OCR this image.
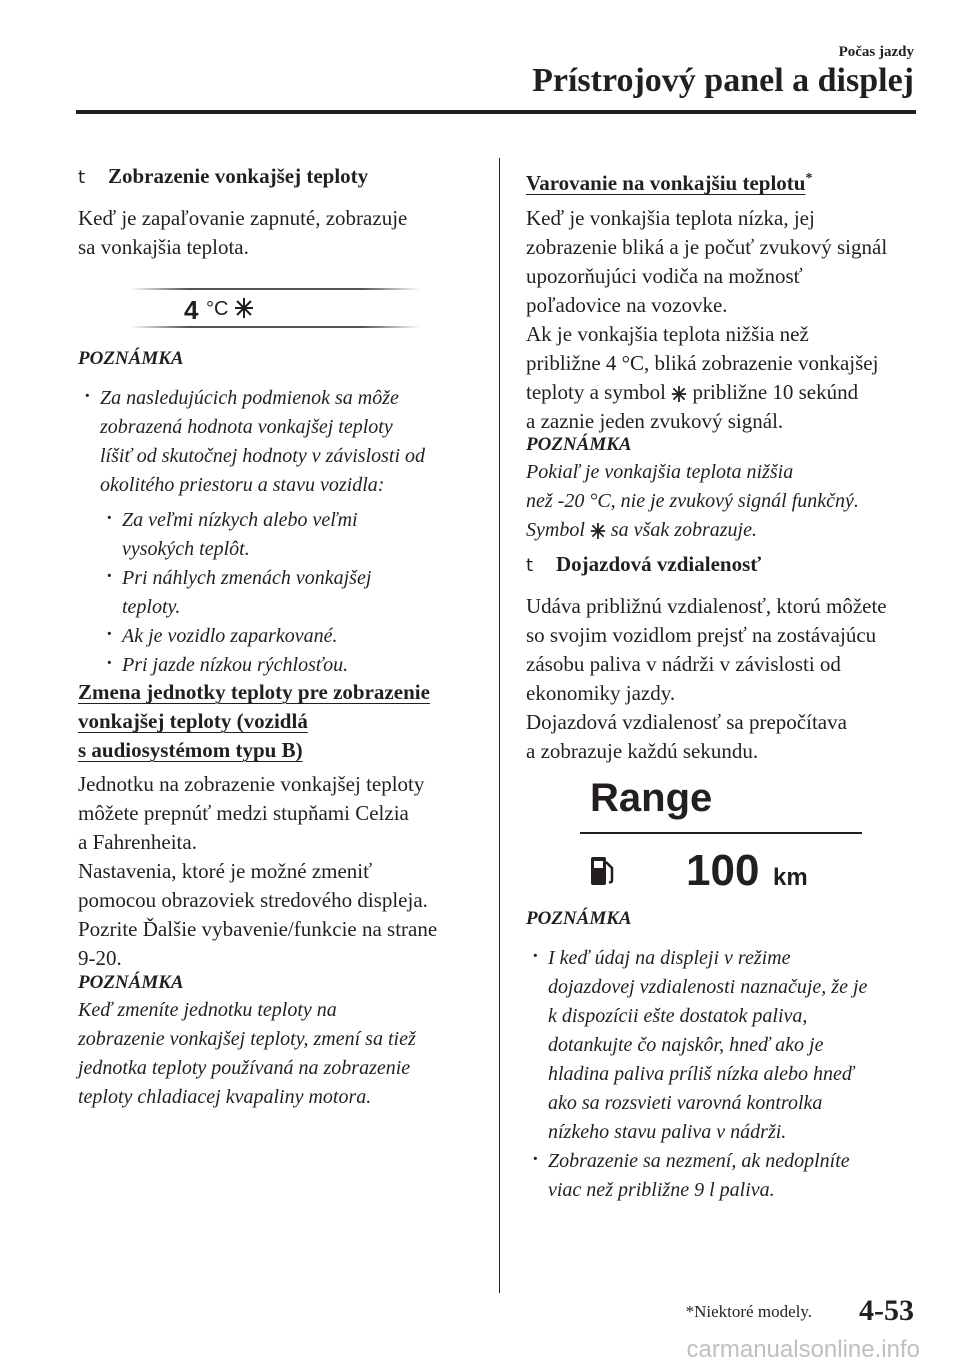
Počas jazdy
Prístrojový panel a displej
t Zobrazenie vonkajšej teploty
Keď je zapaľovanie zapnuté, zobrazuje
sa vonkajšia teplota.
4 °C
POZNÁMKA
· Za nasledujúcich podmienok sa môže
zobrazená hodnota vonkajšej teploty
líšiť od skutočnej hodnoty v závislosti od
okolitého priestoru a stavu vozidla:
· Za veľmi nízkych alebo veľmi
vysokých teplôt.
· Pri náhlych zmenách vonkajšej
teploty.
· Ak je vozidlo zaparkované.
· Pri jazde nízkou rýchlosťou.
Zmena jednotky teploty pre zobrazenie
vonkajšej teploty (vozidlá
s audiosystémom typu B)
Jednotku na zobrazenie vonkajšej teploty
môžete prepnúť medzi stupňami Celzia
a Fahrenheita.
Nastavenia, ktoré je možné zmeniť
pomocou obrazoviek stredového displeja.
Pozrite Ďalšie vybavenie/funkcie na strane
9-20.
POZNÁMKA
Keď zmeníte jednotku teploty na
zobrazenie vonkajšej teploty, zmení sa tiež
jednotka teploty používaná na zobrazenie
teploty chladiacej kvapaliny motora.
Varovanie na vonkajšiu teplotu*
Keď je vonkajšia teplota nízka, jej
zobrazenie bliká a je počuť zvukový signál
upozorňujúci vodiča na možnosť
poľadovice na vozovke.
Ak je vonkajšia teplota nižšia než
približne 4 °C, bliká zobrazenie vonkajšej
teploty a symbol približne 10 sekúnd
a zaznie jeden zvukový signál.
POZNÁMKA
Pokiaľ je vonkajšia teplota nižšia
než -20 °C, nie je zvukový signál funkčný.
Symbol sa však zobrazuje.
t Dojazdová vzdialenosť
Udáva približnú vzdialenosť, ktorú môžete
so svojim vozidlom prejsť na zostávajúcu
zásobu paliva v nádrži v závislosti od
ekonomiky jazdy.
Dojazdová vzdialenosť sa prepočítava
a zobrazuje každú sekundu.
Range
100 km
POZNÁMKA
· I keď údaj na displeji v režime
dojazdovej vzdialenosti naznačuje, že je
k dispozícii ešte dostatok paliva,
dotankujte čo najskôr, hneď ako je
hladina paliva príliš nízka alebo hneď
ako sa rozsvieti varovná kontrolka
nízkeho stavu paliva v nádrži.
· Zobrazenie sa nezmení, ak nedoplníte
viac než približne 9 l paliva.
*Niektoré modely. 4-53
carmanualsonline.info
